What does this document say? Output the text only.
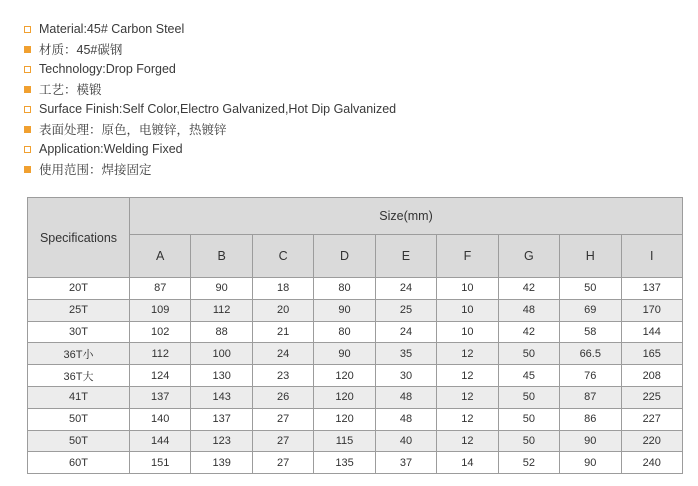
Material:45# Carbon Steel
材质：45#碳钢
Technology:Drop Forged
工艺：模锻
Surface Finish:Self Color,Electro Galvanized,Hot Dip Galvanized
表面处理：原色，电镀锌，热镀锌
Application:Welding Fixed
使用范围：焊接固定
Specifications	Size(mm)								
	A	B	C	D	E	F	G	H	I
20T	87	90	18	80	24	10	42	50	137
25T	109	112	20	90	25	10	48	69	170
30T	102	88	21	80	24	10	42	58	144
36T小	112	100	24	90	35	12	50	66.5	165
36T大	124	130	23	120	30	12	45	76	208
41T	137	143	26	120	48	12	50	87	225
50T	140	137	27	120	48	12	50	86	227
50T	144	123	27	115	40	12	50	90	220
60T	151	139	27	135	37	14	52	90	240
